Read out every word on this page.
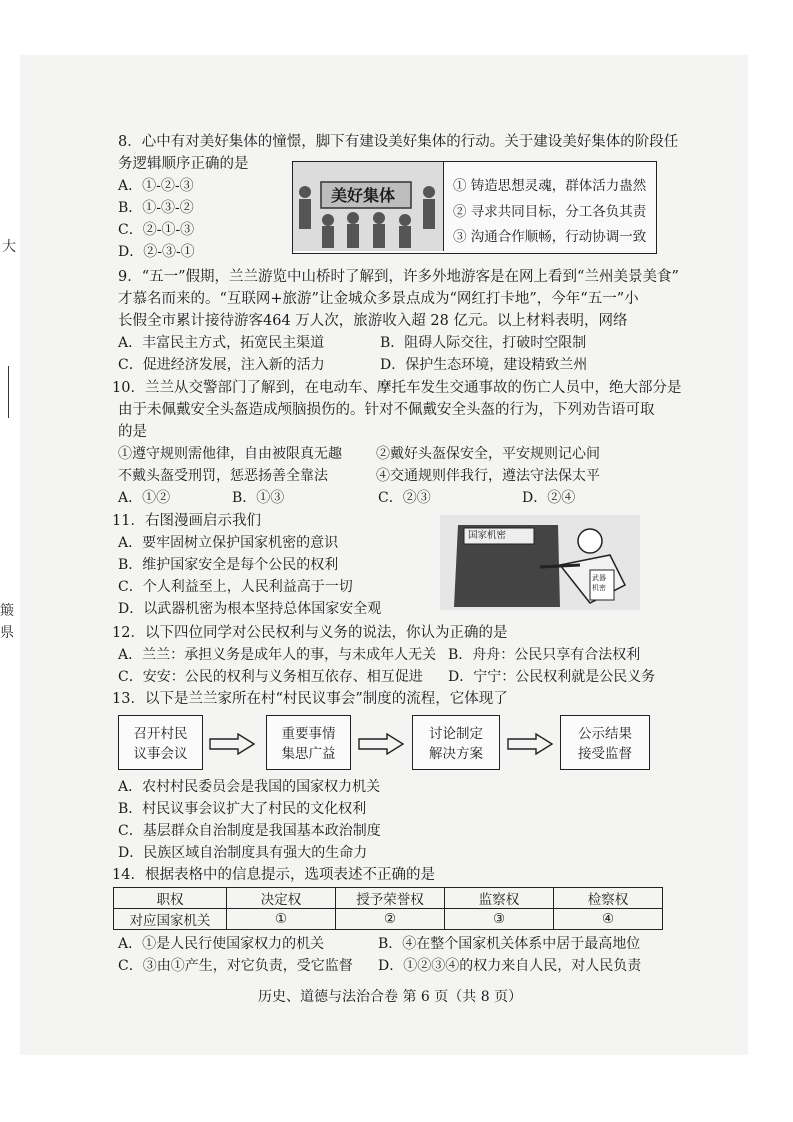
大
簸
県
8．心中有对美好集体的憧憬，脚下有建设美好集体的行动。关于建设美好集体的阶段任
务逻辑顺序正确的是
A．①-②-③
B．①-③-②
C．②-①-③
D．②-③-①
美好集体	① 铸造思想灵魂，群体活力蛊然
② 寻求共同目标，分工各负其责
③ 沟通合作顺畅，行动协调一致
9．“五一”假期，兰兰游览中山桥时了解到，许多外地游客是在网上看到“兰州美景美食”
才慕名而来的。“互联网+旅游”让金城众多景点成为“网红打卡地”，今年“五一”小
长假全市累计接待游客464 万人次，旅游收入超 28 亿元。以上材料表明，网络
A．丰富民主方式，拓宽民主渠道	B．阻碍人际交往，打破时空限制
C．促进经济发展，注入新的活力	D．保护生态环境，建设精致兰州
10．兰兰从交警部门了解到，在电动车、摩托车发生交通事故的伤亡人员中，绝大部分是
由于未佩戴安全头盔造成颅脑损伤的。针对不佩戴安全头盔的行为，下列劝告语可取
的是
①遵守规则需他律，自由被限真无趣 ②戴好头盔保安全，平安规则记心间
不戴头盔受刑罚，惩恶扬善全靠法	④交通规则伴我行，遵法守法保太平
A．①②	B．①③	C．②③	D．②④
11．右图漫画启示我们
A．要牢固树立保护国家机密的意识
B．维护国家安全是每个公民的权利
C．个人利益至上，人民利益高于一切
D．以武器机密为根本坚持总体国家安全观
国家机密
武器机密
12．以下四位同学对公民权利与义务的说法，你认为正确的是
A．兰兰：承担义务是成年人的事，与未成年人无关 B．舟舟：公民只享有合法权利
C．安安：公民的权利与义务相互依存、相互促进 D．宁宁：公民权利就是公民义务
13．以下是兰兰家所在村“村民议事会”制度的流程，它体现了
召开村民
议事会议
重要事情
集思广益
讨论制定
解决方案
公示结果
接受监督
A．农村村民委员会是我国的国家权力机关
B．村民议事会议扩大了村民的文化权利
C．基层群众自治制度是我国基本政治制度
D．民族区域自治制度具有强大的生命力
14．根据表格中的信息提示，选项表述不正确的是
职权	决定权	授予荣誉权	监察权	检察权
对应国家机关	①	②	③	④
A．①是人民行使国家权力的机关	B．④在整个国家机关体系中居于最高地位
C．③由①产生，对它负责，受它监督 D．①②③④的权力来自人民，对人民负责
历史、道德与法治合卷 第 6 页（共 8 页）
